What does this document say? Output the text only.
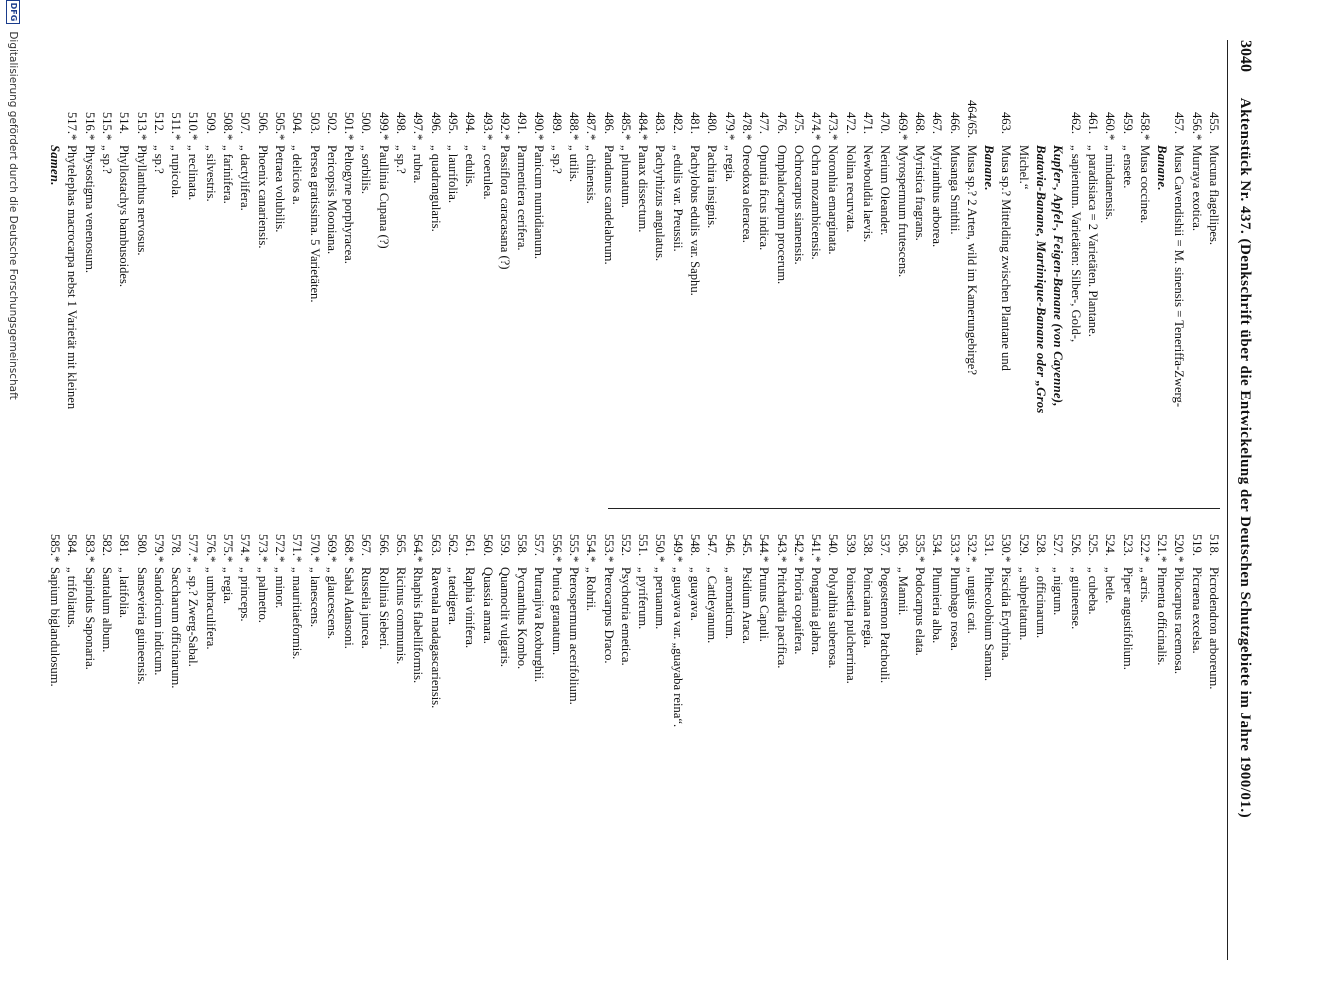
3040 Aktenstück Nr. 437. (Denkschrift über die Entwickelung der Deutschen Schutzgebiete im Jahre 1900/01.)
455.
Mucuna flagellipes.
456.
*
Murraya exotica.
457.
Musa Cavendishii = M. sinensis = Teneriffa-Zwerg-
Banane.
458.
*
Musa coccinea.
459.
„ ensete.
460.
*
„ mindanensis.
461.
„ paradisiaca = 2 Varietäten. Plantane.
462.
„ sapientum. Varietäten: Silber-, Gold-,
Kupfer-, Apfel-, Feigen-Banane (von Cayenne),
Batavia-Banane, Martinique-Banane oder „Gros
Michel.“
463.
Musa sp.? Mittelding zwischen Plantane und
Banane.
464/65.
Musa sp.? 2 Arten, wild im Kamerungebirge?
466.
Musanga Smithii.
467.
Myrianthus arborea.
468.
Myristica fragrans.
469.
*
Myrospermum frutescens.
470.
Nerium Oleander.
471.
Newbouldia laevis.
472.
Nolina recurvata.
473.
*
Noronhia emarginata.
474.
*
Ochra mozambicensis.
475.
Ochrocarpus siamensis.
476.
Omphalocarpum procerum.
477.
Opuntia ficus indica.
478.
*
Oreodoxa oleracea.
479.
*
„ regia.
480.
Pachira insignis.
481.
Pachylobus edulis var. Saphu.
482.
„ edulis var. Preussii.
483.
Pachyrhizus angulatus.
484.
*
Panax dissectum.
485.
*
„ plumatum.
486.
Pandanus candelabrum.
487.
*
„ chinensis.
488.
*
„ utilis.
489.
„ sp.?
490.
*
Panicum numidianum.
491.
Parmentiera cerifera.
492.
*
Passiflora caracasana (?)
493.
*
„ coerulea.
494.
„ edulis.
495.
„ laurifolia.
496.
„ quadrangularis.
497.
*
„ rubra.
498.
„ sp.?
499.
*
Paullinia Cupana (?)
500.
„ sorbilis.
501.
*
Peltogyne porphyracea.
502.
Pericopsis Mooniana.
503.
Persea gratissima. 5 Varietäten.
504.
„ delicios a.
505.
*
Petraea volubilis.
506.
Phoenix canariensis.
507.
„ dactylifera.
508.
*
„ farinifera.
509.
„ silvestris.
510.
*
„ reclinata.
511.
*
„ rupicola.
512.
„ sp.?
513.
*
Phyllanthus nervosus.
514.
Phyllostachys bambusoides.
515.
*
„ sp.?
516.
*
Physostigma venenosum.
517.
*
Phytelephas macrocarpa nebst 1 Varietät mit kleinen
Samen.
518.
Picrodendron arboreum.
519.
Picraena excelsa.
520.
*
Pilocarpus racemosa.
521.
*
Pimenta officinalis.
522.
*
„ acris.
523.
Piper angustifolium.
524.
„ betle.
525.
„ cubeba.
526.
„ guineense.
527.
„ nigrum.
528.
„ officinarum.
529.
„ subpeltatum.
530.
*
Piscidia Erythrina.
531.
Pithecolobium Saman.
532.
*
„ unguis cati.
533.
*
Plumbago rosea.
534.
Plumieria alba.
535.
*
Podocarpus elata.
536.
„ Mannii.
537.
Pogostemon Patchouli.
538.
Poinciana regia.
539.
Poinsettia pulcherrima.
540.
Polyalthia suberosa.
541.
*
Pongamia glabra.
542.
*
Prioria copaifera.
543.
*
Pritchardia pacifica.
544.
*
Prunus Capuli.
545.
Psidium Araca.
546.
„ aromaticum.
547.
„ Cattleyanum.
548.
„ guayava.
549.
*
„ guayava var. „guayaba reina“.
550.
*
„ peruanum.
551.
„ pyriferum.
552.
Psychotria emetica.
553.
*
Pterocarpus Draco.
554.
*
„ Rohrii.
555.
*
Pterospermum acerifolium.
556.
*
Punica granatum.
557.
Putranjiva Roxburghii.
558.
Pycnanthus Kombo.
559.
Quamoclit vulgaris.
560.
Quassia amara.
561.
Raphia vinifera.
562.
„ taedigera.
563.
Ravenala madagascariensis.
564.
*
Rhaphis flabelliformis.
565.
Ricinus communis.
566.
Rollinia Sieberi.
567.
Russelia juncea.
568.
*
Sabal Adansoni.
569.
*
„ glaucescens.
570.
*
„ lanescens.
571.
*
„ mauritiaeformis.
572.
*
„ minor.
573.
*
„ palmetto.
574.
*
„ princeps.
575.
*
„ regia.
576.
*
„ umbraculifera.
577.
*
„ sp.? Zwerg-Sabal.
578.
Saccharum officinarum.
579.
*
Sandoricum indicum.
580.
Sansevieria guineensis.
581.
„ latifolia.
582.
Santalum album.
583.
*
Sapindus Saponaria.
584.
„ trifoliatus.
585.
*
Sapium biglandulosum.
DFG Digitalisierung gefördert durch die Deutsche Forschungsgemeinschaft
